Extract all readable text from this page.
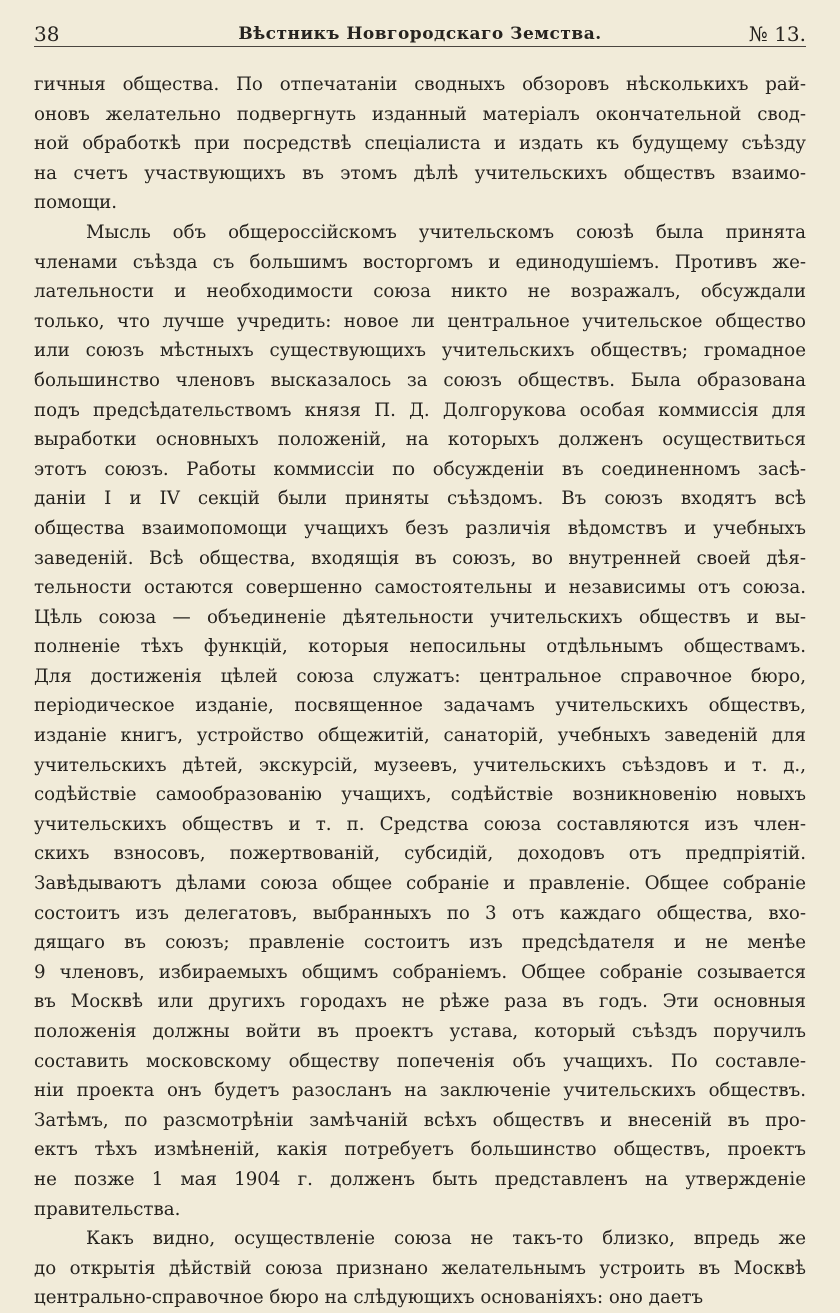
38	Вѣстникъ Новгородскаго Земства.	№ 13.
гичныя общества. По отпечатаніи сводныхъ обзоровъ нѣсколькихъ рай-
оновъ желательно подвергнуть изданный матеріалъ окончательной свод-
ной обработкѣ при посредствѣ спеціалиста и издать къ будущему съѣзду
на счетъ участвующихъ въ этомъ дѣлѣ учительскихъ обществъ взаимо-
помощи.
Мысль объ общероссійскомъ учительскомъ союзѣ была принята
членами съѣзда съ большимъ восторгомъ и единодушіемъ. Противъ же-
лательности и необходимости союза никто не возражалъ, обсуждали
только, что лучше учредить: новое ли центральное учительское общество
или союзъ мѣстныхъ существующихъ учительскихъ обществъ; громадное
большинство членовъ высказалось за союзъ обществъ. Была образована
подъ предсѣдательствомъ князя П. Д. Долгорукова особая коммиссія для
выработки основныхъ положеній, на которыхъ долженъ осуществиться
этотъ союзъ. Работы коммиссіи по обсужденіи въ соединенномъ засѣ-
даніи I и IV секцій были приняты съѣздомъ. Въ союзъ входятъ всѣ
общества взаимопомощи учащихъ безъ различія вѣдомствъ и учебныхъ
заведеній. Всѣ общества, входящія въ союзъ, во внутренней своей дѣя-
тельности остаются совершенно самостоятельны и независимы отъ союза.
Цѣль союза — объединеніе дѣятельности учительскихъ обществъ и вы-
полненіе тѣхъ функцій, которыя непосильны отдѣльнымъ обществамъ.
Для достиженія цѣлей союза служатъ: центральное справочное бюро,
періодическое изданіе, посвященное задачамъ учительскихъ обществъ,
изданіе книгъ, устройство общежитій, санаторій, учебныхъ заведеній для
учительскихъ дѣтей, экскурсій, музеевъ, учительскихъ съѣздовъ и т. д.,
содѣйствіе самообразованію учащихъ, содѣйствіе возникновенію новыхъ
учительскихъ обществъ и т. п. Средства союза составляются изъ член-
скихъ взносовъ, пожертвованій, субсидій, доходовъ отъ предпріятій.
Завѣдываютъ дѣлами союза общее собраніе и правленіе. Общее собраніе
состоитъ изъ делегатовъ, выбранныхъ по 3 отъ каждаго общества, вхо-
дящаго въ союзъ; правленіе состоитъ изъ предсѣдателя и не менѣе
9 членовъ, избираемыхъ общимъ собраніемъ. Общее собраніе созывается
въ Москвѣ или другихъ городахъ не рѣже раза въ годъ. Эти основныя
положенія должны войти въ проектъ устава, который съѣздъ поручилъ
составить московскому обществу попеченія объ учащихъ. По составле-
ніи проекта онъ будетъ разосланъ на заключеніе учительскихъ обществъ.
Затѣмъ, по разсмотрѣніи замѣчаній всѣхъ обществъ и внесеній въ про-
ектъ тѣхъ измѣненій, какія потребуетъ большинство обществъ, проектъ
не позже 1 мая 1904 г. долженъ быть представленъ на утвержденіе
правительства.
Какъ видно, осуществленіе союза не такъ-то близко, впредь же
до открытія дѣйствій союза признано желательнымъ устроить въ Москвѣ
центрально-справочное бюро на слѣдующихъ основаніяхъ: оно даетъ
